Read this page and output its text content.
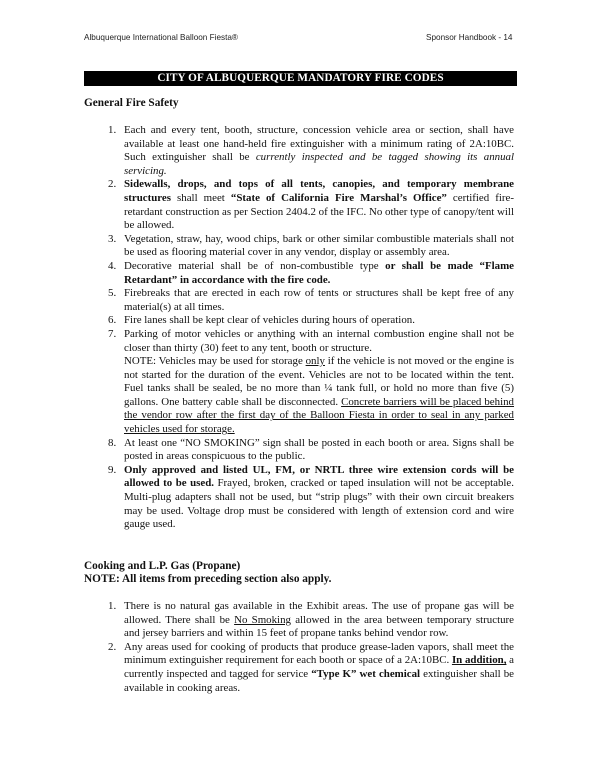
Albuquerque International Balloon Fiesta®	Sponsor Handbook - 14
CITY OF ALBUQUERQUE MANDATORY FIRE CODES
General Fire Safety
1. Each and every tent, booth, structure, concession vehicle area or section, shall have available at least one hand-held fire extinguisher with a minimum rating of 2A:10BC. Such extinguisher shall be currently inspected and be tagged showing its annual servicing.
2. Sidewalls, drops, and tops of all tents, canopies, and temporary membrane structures shall meet “State of California Fire Marshal’s Office” certified fire-retardant construction as per Section 2404.2 of the IFC. No other type of canopy/tent will be allowed.
3. Vegetation, straw, hay, wood chips, bark or other similar combustible materials shall not be used as flooring material cover in any vendor, display or assembly area.
4. Decorative material shall be of non-combustible type or shall be made “Flame Retardant” in accordance with the fire code.
5. Firebreaks that are erected in each row of tents or structures shall be kept free of any material(s) at all times.
6. Fire lanes shall be kept clear of vehicles during hours of operation.
7. Parking of motor vehicles or anything with an internal combustion engine shall not be closer than thirty (30) feet to any tent, booth or structure.
NOTE: Vehicles may be used for storage only if the vehicle is not moved or the engine is not started for the duration of the event. Vehicles are not to be located within the tent. Fuel tanks shall be sealed, be no more than ¼ tank full, or hold no more than five (5) gallons. One battery cable shall be disconnected. Concrete barriers will be placed behind the vendor row after the first day of the Balloon Fiesta in order to seal in any parked vehicles used for storage.
8. At least one “NO SMOKING” sign shall be posted in each booth or area. Signs shall be posted in areas conspicuous to the public.
9. Only approved and listed UL, FM, or NRTL three wire extension cords will be allowed to be used. Frayed, broken, cracked or taped insulation will not be acceptable. Multi-plug adapters shall not be used, but “strip plugs” with their own circuit breakers may be used. Voltage drop must be considered with length of extension cord and wire gauge used.
Cooking and L.P. Gas (Propane)
NOTE: All items from preceding section also apply.
1. There is no natural gas available in the Exhibit areas. The use of propane gas will be allowed. There shall be No Smoking allowed in the area between temporary structure and jersey barriers and within 15 feet of propane tanks behind vendor row.
2. Any areas used for cooking of products that produce grease-laden vapors, shall meet the minimum extinguisher requirement for each booth or space of a 2A:10BC. In addition, a currently inspected and tagged for service “Type K” wet chemical extinguisher shall be available in cooking areas.
